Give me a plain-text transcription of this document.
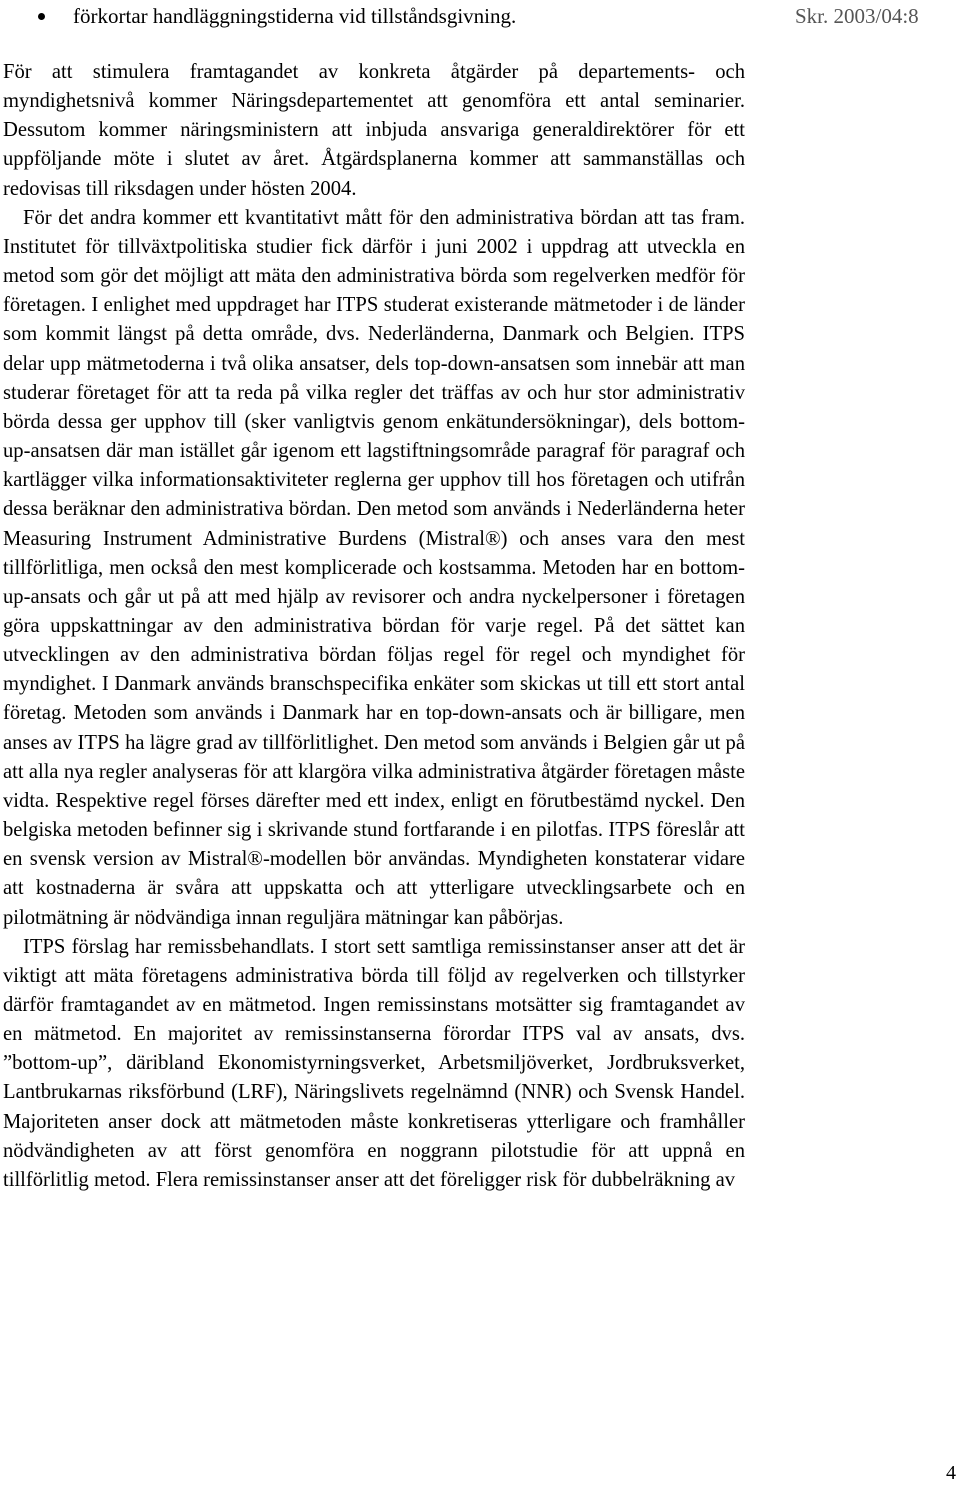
förkortar handläggningstiderna vid tillståndsgivning.	Skr. 2003/04:8

För att stimulera framtagandet av konkreta åtgärder på departements- och myndighetsnivå kommer Näringsdepartementet att genomföra ett antal seminarier. Dessutom kommer näringsministern att inbjuda ansvariga generaldirektörer för ett uppföljande möte i slutet av året. Åtgärdsplanerna kommer att sammanställas och redovisas till riksdagen under hösten 2004.

För det andra kommer ett kvantitativt mått för den administrativa bördan att tas fram. Institutet för tillväxtpolitiska studier fick därför i juni 2002 i uppdrag att utveckla en metod som gör det möjligt att mäta den administrativa börda som regelverken medför för företagen. I enlighet med uppdraget har ITPS studerat existerande mätmetoder i de länder som kommit längst på detta område, dvs. Nederländerna, Danmark och Belgien. ITPS delar upp mätmetoderna i två olika ansatser, dels top-down-ansatsen som innebär att man studerar företaget för att ta reda på vilka regler det träffas av och hur stor administrativ börda dessa ger upphov till (sker vanligtvis genom enkätundersökningar), dels bottom-up-ansatsen där man istället går igenom ett lagstiftningsområde paragraf för paragraf och kartlägger vilka informationsaktiviteter reglerna ger upphov till hos företagen och utifrån dessa beräknar den administrativa bördan. Den metod som används i Nederländerna heter Measuring Instrument Administrative Burdens (Mistral®) och anses vara den mest tillförlitliga, men också den mest komplicerade och kostsamma. Metoden har en bottom-up-ansats och går ut på att med hjälp av revisorer och andra nyckelpersoner i företagen göra uppskattningar av den administrativa bördan för varje regel. På det sättet kan utvecklingen av den administrativa bördan följas regel för regel och myndighet för myndighet. I Danmark används branschspecifika enkäter som skickas ut till ett stort antal företag. Metoden som används i Danmark har en top-down-ansats och är billigare, men anses av ITPS ha lägre grad av tillförlitlighet. Den metod som används i Belgien går ut på att alla nya regler analyseras för att klargöra vilka administrativa åtgärder företagen måste vidta. Respektive regel förses därefter med ett index, enligt en förutbestämd nyckel. Den belgiska metoden befinner sig i skrivande stund fortfarande i en pilotfas. ITPS föreslår att en svensk version av Mistral®-modellen bör användas. Myndigheten konstaterar vidare att kostnaderna är svåra att uppskatta och att ytterligare utvecklingsarbete och en pilotmätning är nödvändiga innan reguljära mätningar kan påbörjas.

ITPS förslag har remissbehandlats. I stort sett samtliga remissinstanser anser att det är viktigt att mäta företagens administrativa börda till följd av regelverken och tillstyrker därför framtagandet av en mätmetod. Ingen remissinstans motsätter sig framtagandet av en mätmetod. En majoritet av remissinstanserna förordar ITPS val av ansats, dvs. ”bottom-up”, däribland Ekonomistyrningsverket, Arbetsmiljöverket, Jordbruksverket, Lantbrukarnas riksförbund (LRF), Näringslivets regelnämnd (NNR) och Svensk Handel. Majoriteten anser dock att mätmetoden måste konkretiseras ytterligare och framhåller nödvändigheten av att först genomföra en noggrann pilotstudie för att uppnå en tillförlitlig metod. Flera remissinstanser anser att det föreligger risk för dubbelräkning av

4
